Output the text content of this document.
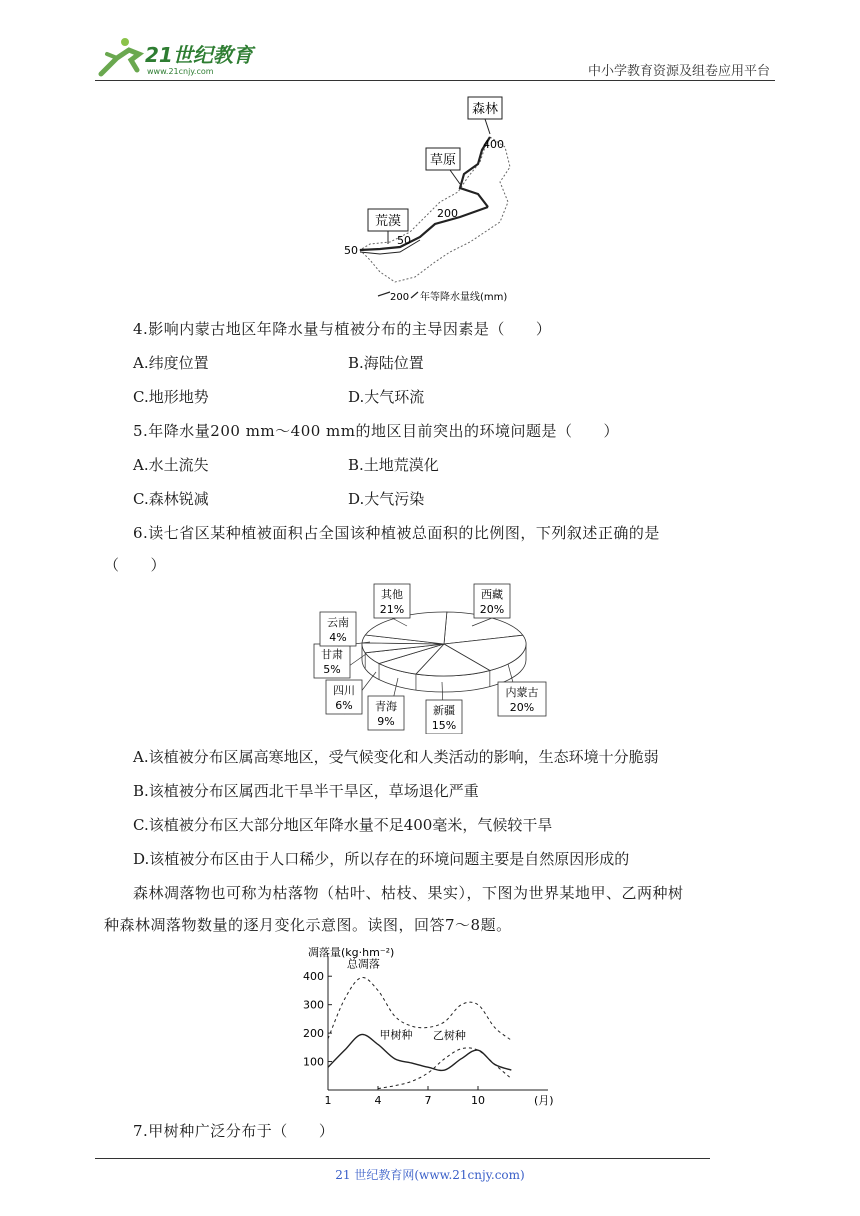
21世纪教育
www.21cnjy.com	中小学教育资源及组卷应用平台
森林
草原
荒漠
400
200
50
50
200 年等降水量线(mm)
4.影响内蒙古地区年降水量与植被分布的主导因素是（　　）
A.纬度位置	B.海陆位置
C.地形地势	D.大气环流
5.年降水量200 mm～400 mm的地区目前突出的环境问题是（　　）
A.水土流失	B.土地荒漠化
C.森林锐减	D.大气污染
6.读七省区某种植被面积占全国该种植被总面积的比例图，下列叙述正确的是
（　　）
西藏
20%
内蒙古
20%
新疆
15%
青海
9%
四川
6%
甘肃
5%
云南
4%
其他
21%
A.该植被分布区属高寒地区，受气候变化和人类活动的影响，生态环境十分脆弱
B.该植被分布区属西北干旱半干旱区，草场退化严重
C.该植被分布区大部分地区年降水量不足400毫米，气候较干旱
D.该植被分布区由于人口稀少，所以存在的环境问题主要是自然原因形成的
森林凋落物也可称为枯落物（枯叶、枯枝、果实），下图为世界某地甲、乙两种树
种森林凋落物数量的逐月变化示意图。读图，回答7～8题。
凋落量(kg·hm⁻²)
100
200
300
400
1	4	7	10	(月)
总凋落
甲树种 乙树种
7.甲树种广泛分布于（　　）
21 世纪教育网(www.21cnjy.com)
